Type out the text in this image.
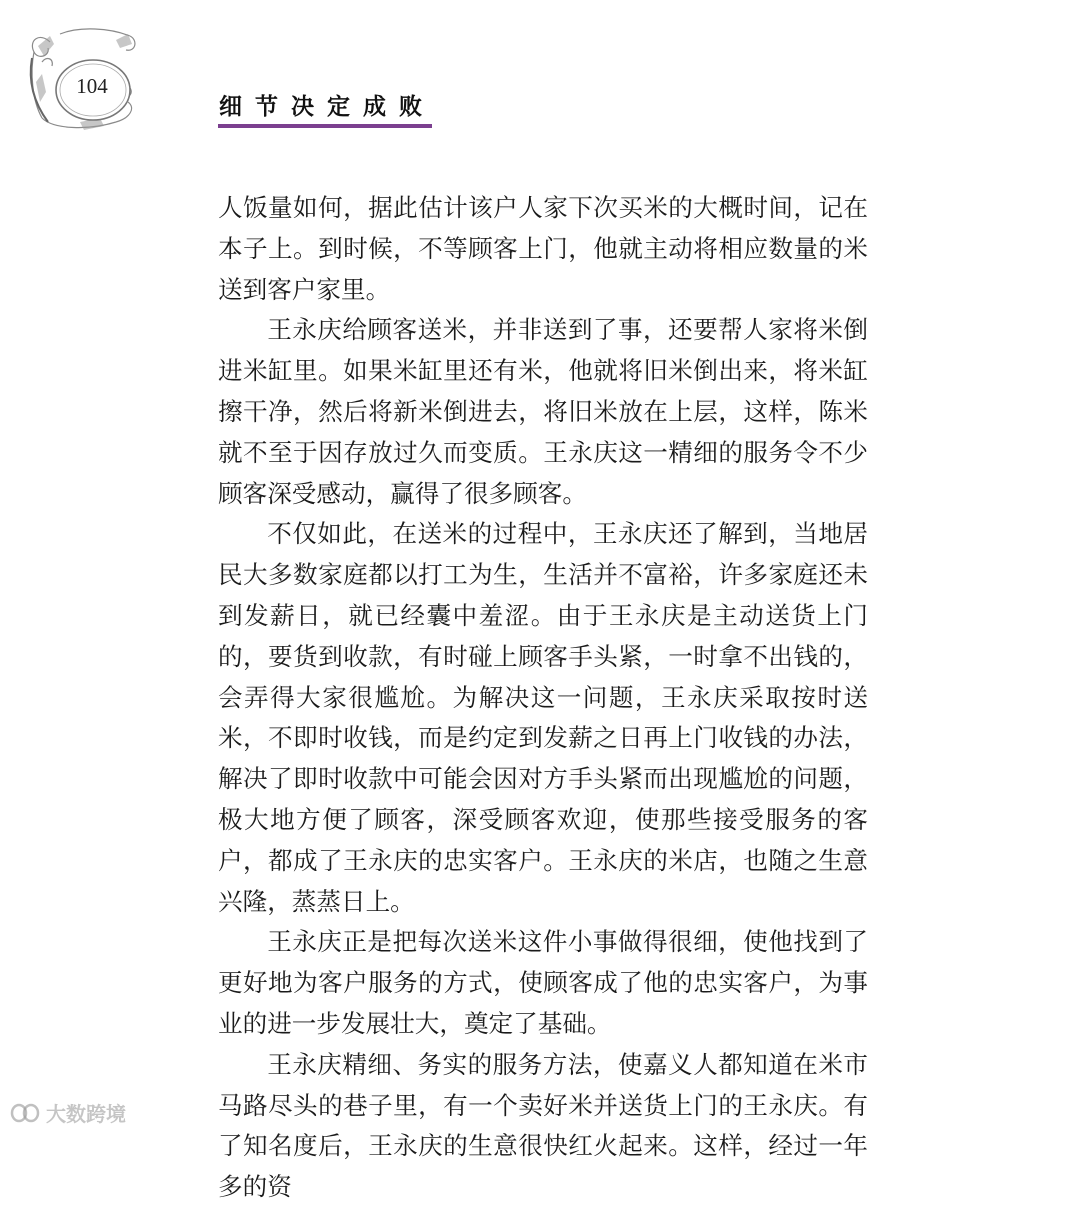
104
细节决定成败

人饭量如何，据此估计该户人家下次买米的大概时间，记在本子上。到时候，不等顾客上门，他就主动将相应数量的米送到客户家里。

王永庆给顾客送米，并非送到了事，还要帮人家将米倒进米缸里。如果米缸里还有米，他就将旧米倒出来，将米缸擦干净，然后将新米倒进去，将旧米放在上层，这样，陈米就不至于因存放过久而变质。王永庆这一精细的服务令不少顾客深受感动，赢得了很多顾客。

不仅如此，在送米的过程中，王永庆还了解到，当地居民大多数家庭都以打工为生，生活并不富裕，许多家庭还未到发薪日，就已经囊中羞涩。由于王永庆是主动送货上门的，要货到收款，有时碰上顾客手头紧，一时拿不出钱的，会弄得大家很尴尬。为解决这一问题，王永庆采取按时送米，不即时收钱，而是约定到发薪之日再上门收钱的办法，解决了即时收款中可能会因对方手头紧而出现尴尬的问题，极大地方便了顾客，深受顾客欢迎，使那些接受服务的客户，都成了王永庆的忠实客户。王永庆的米店，也随之生意兴隆，蒸蒸日上。

王永庆正是把每次送米这件小事做得很细，使他找到了更好地为客户服务的方式，使顾客成了他的忠实客户，为事业的进一步发展壮大，奠定了基础。

王永庆精细、务实的服务方法，使嘉义人都知道在米市马路尽头的巷子里，有一个卖好米并送货上门的王永庆。有了知名度后，王永庆的生意很快红火起来。这样，经过一年多的资

大数跨境
